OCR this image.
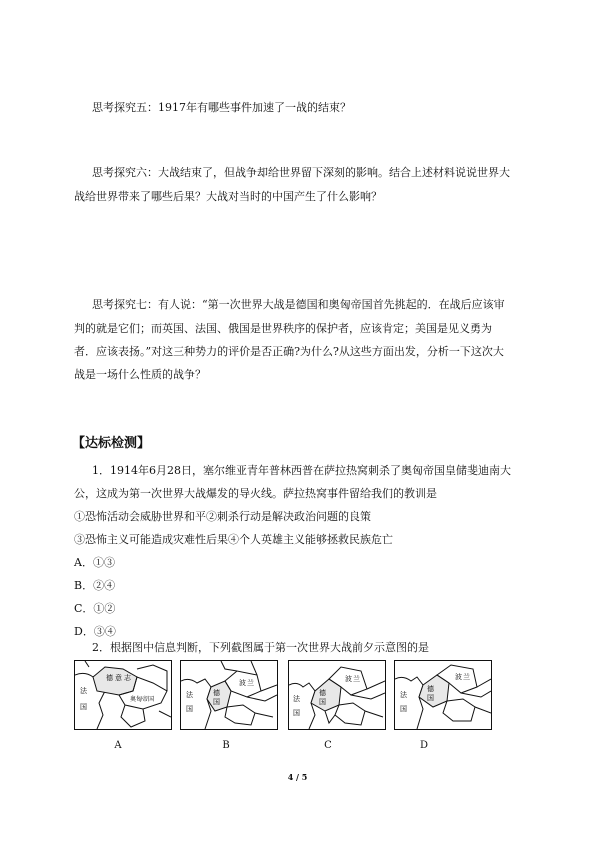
思考探究五：1917年有哪些事件加速了一战的结束？
思考探究六：大战结束了，但战争却给世界留下深刻的影响。结合上述材料说说世界大
战给世界带来了哪些后果？大战对当时的中国产生了什么影响？
思考探究七：有人说：“第一次世界大战是德国和奥匈帝国首先挑起的．在战后应该审
判的就是它们；而英国、法国、俄国是世界秩序的保护者，应该肯定；美国是见义勇为
者．应该表扬。”对这三种势力的评价是否正确?为什么?从这些方面出发，分析一下这次大
战是一场什么性质的战争？
【达标检测】
1．1914年6月28日，塞尔维亚青年普林西普在萨拉热窝刺杀了奥匈帝国皇储斐迪南大
公，这成为第一次世界大战爆发的导火线。萨拉热窝事件留给我们的教训是
①恐怖活动会威胁世界和平②刺杀行动是解决政治问题的良策
③恐怖主义可能造成灾难性后果④个人英雄主义能够拯救民族危亡
A．①③
B．②④
C．①②
D．③④
2．根据图中信息判断，下列截图属于第一次世界大战前夕示意图的是
德 意 志
法
国
奥匈帝国
德
国
波 兰
法
国
德
国
波 兰
法
国
德
国
波 兰
法
国
A	B	C	D
4 / 5
